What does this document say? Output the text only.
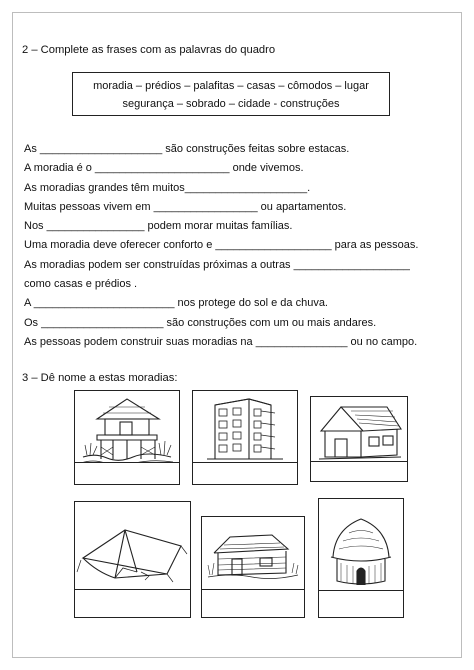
2 – Complete as frases com as palavras do quadro
moradia – prédios – palafitas – casas – cômodos – lugar
segurança – sobrado – cidade - construções
As ____________________ são construções feitas sobre estacas.
A moradia é o ______________________ onde vivemos.
As moradias grandes têm muitos____________________.
Muitas pessoas vivem em _________________ ou apartamentos.
Nos ________________ podem morar muitas famílias.
Uma moradia deve oferecer conforto e ___________________ para as pessoas.
As moradias podem ser construídas próximas a outras ___________________
como casas e prédios .
A _______________________ nos protege do sol e da chuva.
Os ____________________ são construções com um ou mais andares.
As pessoas podem construir suas moradias na _______________ ou no campo.
3 – Dê nome a estas moradias:
